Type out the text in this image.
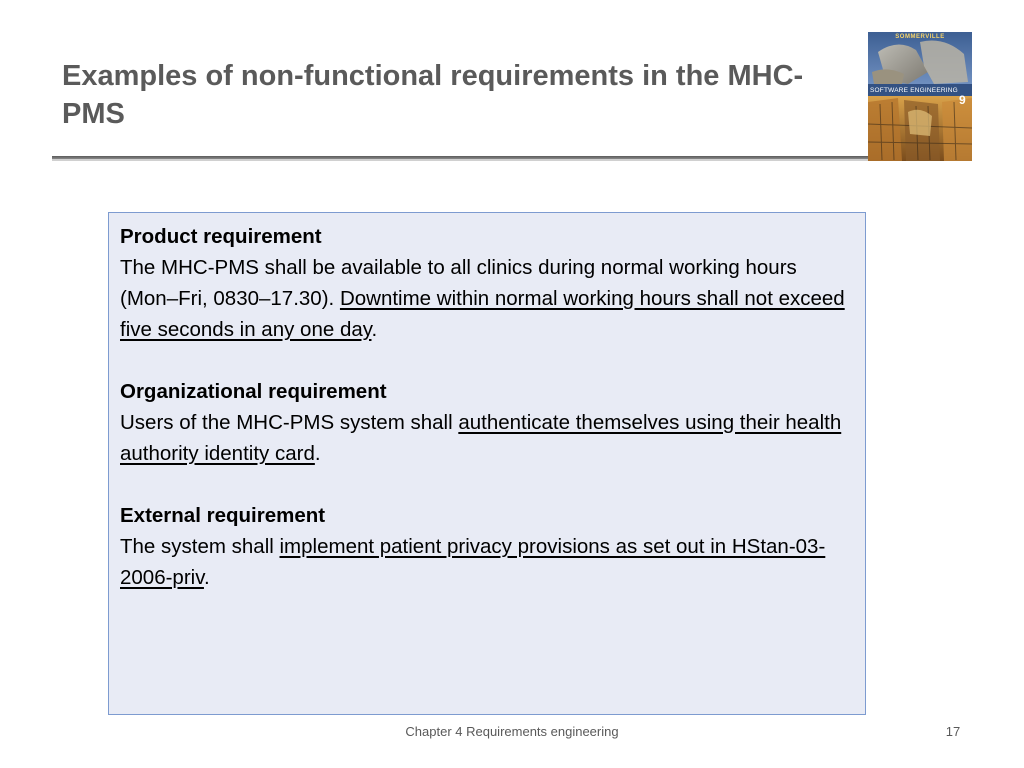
Examples of non-functional requirements in the MHC-PMS
SOMMERVILLE
SOFTWARE ENGINEERING
9
Product requirement
The MHC-PMS shall be available to all clinics during normal working hours (Mon–Fri, 0830–17.30). Downtime within normal working hours shall not exceed five seconds in any one day.
Organizational requirement
Users of the MHC-PMS system shall authenticate themselves using their health authority identity card.
External requirement
The system shall implement patient privacy provisions as set out in HStan-03-2006-priv.
Chapter 4 Requirements engineering	17
